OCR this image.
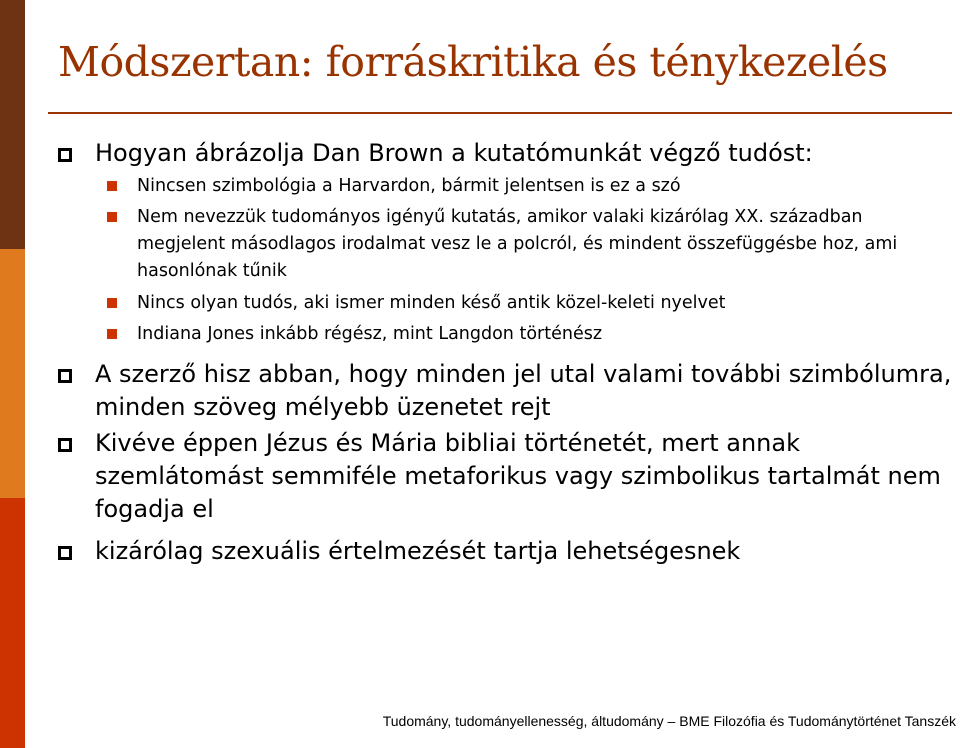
Módszertan: forráskritika és ténykezelés
Hogyan ábrázolja Dan Brown a kutatómunkát végző tudóst:
Nincsen szimbológia a Harvardon, bármit jelentsen is ez a szó
Nem nevezzük tudományos igényű kutatás, amikor valaki kizárólag XX. században megjelent másodlagos irodalmat vesz le a polcról, és mindent összefüggésbe hoz, ami hasonlónak tűnik
Nincs olyan tudós, aki ismer minden késő antik közel-keleti nyelvet
Indiana Jones inkább régész, mint Langdon történész
A szerző hisz abban, hogy minden jel utal valami további szimbólumra, minden szöveg mélyebb üzenetet rejt
Kivéve éppen Jézus és Mária bibliai történetét, mert annak szemlátomást semmiféle metaforikus vagy szimbolikus tartalmát nem fogadja el
kizárólag szexuális értelmezését tartja lehetségesnek
Tudomány, tudományellenesség, áltudomány – BME Filozófia és Tudománytörténet Tanszék
